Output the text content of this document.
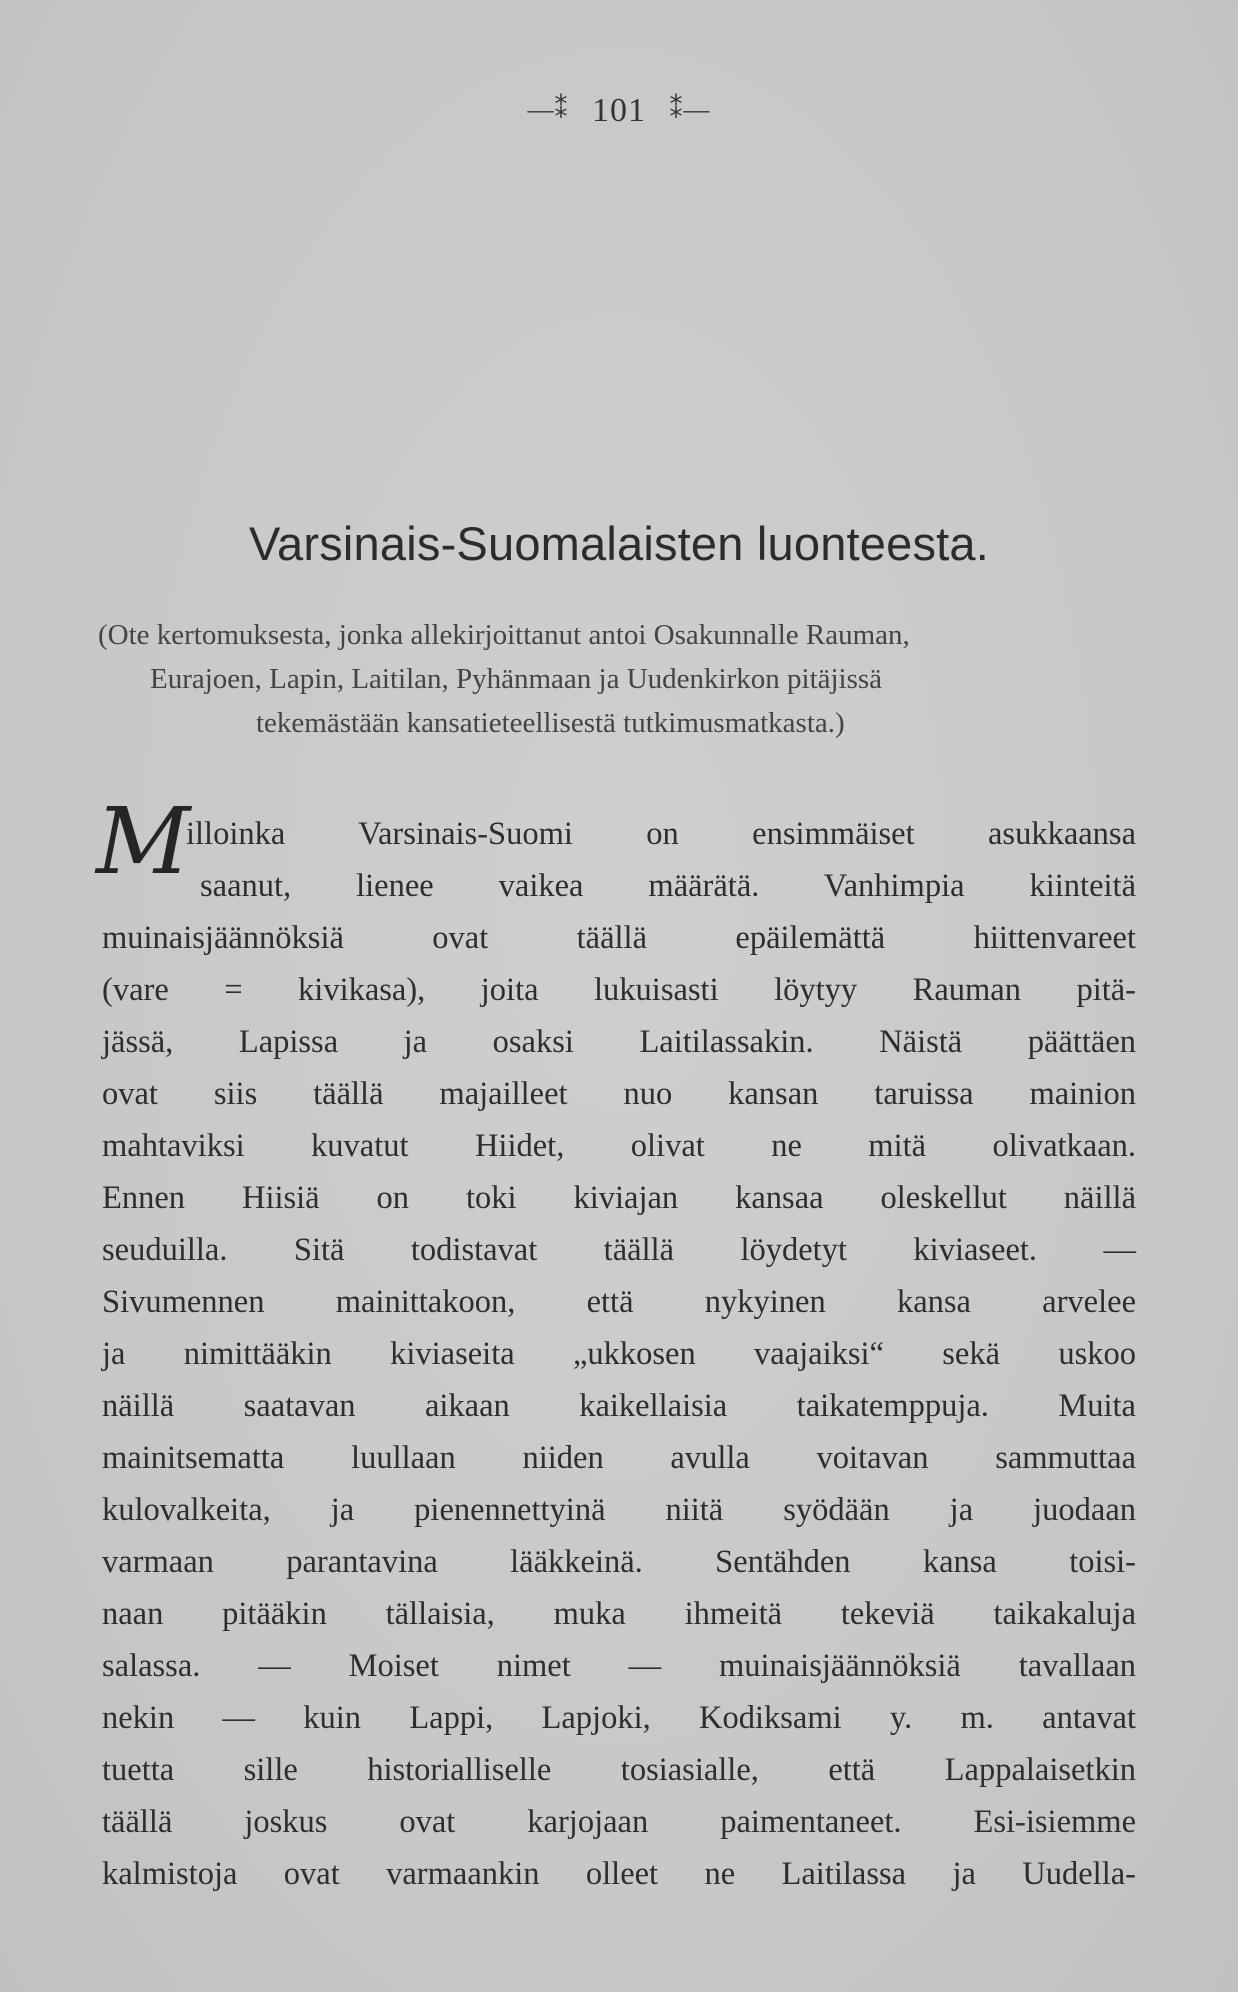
—⁑ 101 ⁑—
Varsinais-Suomalaisten luonteesta.
(Ote kertomuksesta, jonka allekirjoittanut antoi Osakunnalle Rauman,
Eurajoen, Lapin, Laitilan, Pyhänmaan ja Uudenkirkon pitäjissä
tekemästään kansatieteellisestä tutkimusmatkasta.)
M
illoinka Varsinais-Suomi on ensimmäiset asukkaansa
saanut, lienee vaikea määrätä. Vanhimpia kiinteitä
muinaisjäännöksiä ovat täällä epäilemättä hiittenvareet
(vare = kivikasa), joita lukuisasti löytyy Rauman pitä-
jässä, Lapissa ja osaksi Laitilassakin. Näistä päättäen
ovat siis täällä majailleet nuo kansan taruissa mainion
mahtaviksi kuvatut Hiidet, olivat ne mitä olivatkaan.
Ennen Hiisiä on toki kiviajan kansaa oleskellut näillä
seuduilla. Sitä todistavat täällä löydetyt kiviaseet. —
Sivumennen mainittakoon, että nykyinen kansa arvelee
ja nimittääkin kiviaseita „ukkosen vaajaiksi“ sekä uskoo
näillä saatavan aikaan kaikellaisia taikatemppuja. Muita
mainitsematta luullaan niiden avulla voitavan sammuttaa
kulovalkeita, ja pienennettyinä niitä syödään ja juodaan
varmaan parantavina lääkkeinä. Sentähden kansa toisi-
naan pitääkin tällaisia, muka ihmeitä tekeviä taikakaluja
salassa. — Moiset nimet — muinaisjäännöksiä tavallaan
nekin — kuin Lappi, Lapjoki, Kodiksami y. m. antavat
tuetta sille historialliselle tosiasialle, että Lappalaisetkin
täällä joskus ovat karjojaan paimentaneet. Esi-isiemme
kalmistoja ovat varmaankin olleet ne Laitilassa ja Uudella-
